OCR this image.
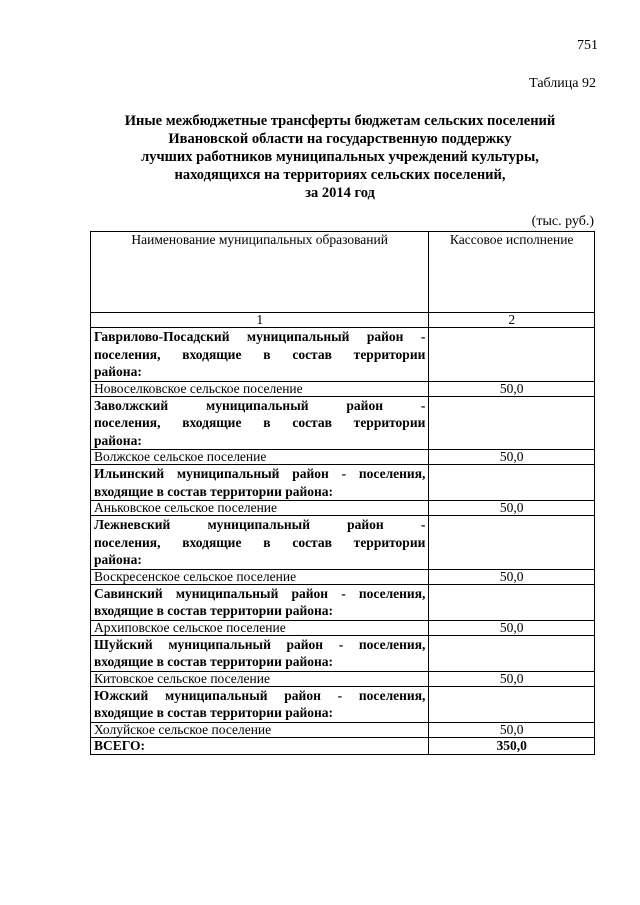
751
Таблица 92
Иные межбюджетные трансферты бюджетам сельских поселений
Ивановской области на государственную поддержку
лучших работников муниципальных учреждений культуры,
находящихся на территориях сельских поселений,
за 2014 год
(тыс. руб.)
Наименование муниципальных образований	Кассовое исполнение
1	2

Гаврилово-Посадский муниципальный район -
поселения, входящие в состав территории
района:	

Новоселковское сельское поселение	50,0

Заволжский муниципальный район -
поселения, входящие в состав территории
района:	

Волжское сельское поселение	50,0

Ильинский муниципальный район - поселения,
входящие в состав территории района:	

Аньковское сельское поселение	50,0

Лежневский муниципальный район -
поселения, входящие в состав территории
района:	

Воскресенское сельское поселение	50,0

Савинский муниципальный район - поселения,
входящие в состав территории района:	

Архиповское сельское поселение	50,0

Шуйский муниципальный район - поселения,
входящие в состав территории района:	

Китовское сельское поселение	50,0

Южский муниципальный район - поселения,
входящие в состав территории района:	

Холуйское сельское поселение	50,0
ВСЕГО:	350,0
